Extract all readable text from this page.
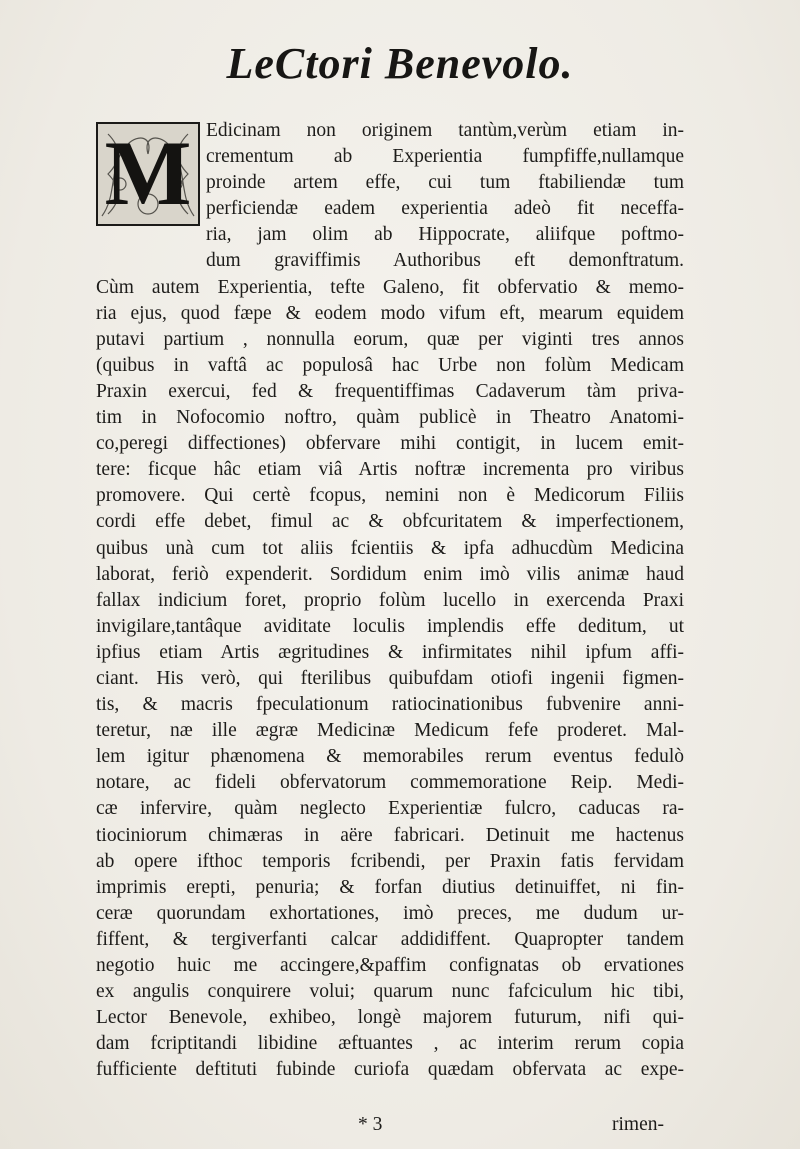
LeCtori Benevolo.
M Edicinam non originem tantùm,verùm etiam in-
crementum ab Experientia fumpfiffe,nullamque
proinde artem effe, cui tum ftabiliendæ tum
perficiendæ eadem experientia adeò fit neceffa-
ria, jam olim ab Hippocrate, aliifque poftmo-
dum graviffimis Authoribus eft demonftratum.
Cùm autem Experientia, tefte Galeno, fit obfervatio & memo-
ria ejus, quod fæpe & eodem modo vifum eft, mearum equidem
putavi partium , nonnulla eorum, quæ per viginti tres annos
(quibus in vaftâ ac populosâ hac Urbe non folùm Medicam
Praxin exercui, fed & frequentiffimas Cadaverum tàm priva-
tim in Nofocomio noftro, quàm publicè in Theatro Anatomi-
co,peregi diffectiones) obfervare mihi contigit, in lucem emit-
tere: ficque hâc etiam viâ Artis noftræ incrementa pro viribus
promovere. Qui certè fcopus, nemini non è Medicorum Filiis
cordi effe debet, fimul ac & obfcuritatem & imperfectionem,
quibus unà cum tot aliis fcientiis & ipfa adhucdùm Medicina
laborat, feriò expenderit. Sordidum enim imò vilis animæ haud
fallax indicium foret, proprio folùm lucello in exercenda Praxi
invigilare,tantâque aviditate loculis implendis effe deditum, ut
ipfius etiam Artis ægritudines & infirmitates nihil ipfum affi-
ciant. His verò, qui fterilibus quibufdam otiofi ingenii figmen-
tis, & macris fpeculationum ratiocinationibus fubvenire anni-
teretur, næ ille ægræ Medicinæ Medicum fefe proderet. Mal-
lem igitur phænomena & memorabiles rerum eventus fedulò
notare, ac fideli obfervatorum commemoratione Reip. Medi-
cæ infervire, quàm neglecto Experientiæ fulcro, caducas ra-
tiociniorum chimæras in aëre fabricari. Detinuit me hactenus
ab opere ifthoc temporis fcribendi, per Praxin fatis fervidam
imprimis erepti, penuria; & forfan diutius detinuiffet, ni fin-
ceræ quorundam exhortationes, imò preces, me dudum ur-
fiffent, & tergiverfanti calcar addidiffent. Quapropter tandem
negotio huic me accingere,&paffim confignatas ob ervationes
ex angulis conquirere volui; quarum nunc fafciculum hic tibi,
Lector Benevole, exhibeo, longè majorem futurum, nifi qui-
dam fcriptitandi libidine æftuantes , ac interim rerum copia
fufficiente deftituti fubinde curiofa quædam obfervata ac expe-
* 3	rimen-
